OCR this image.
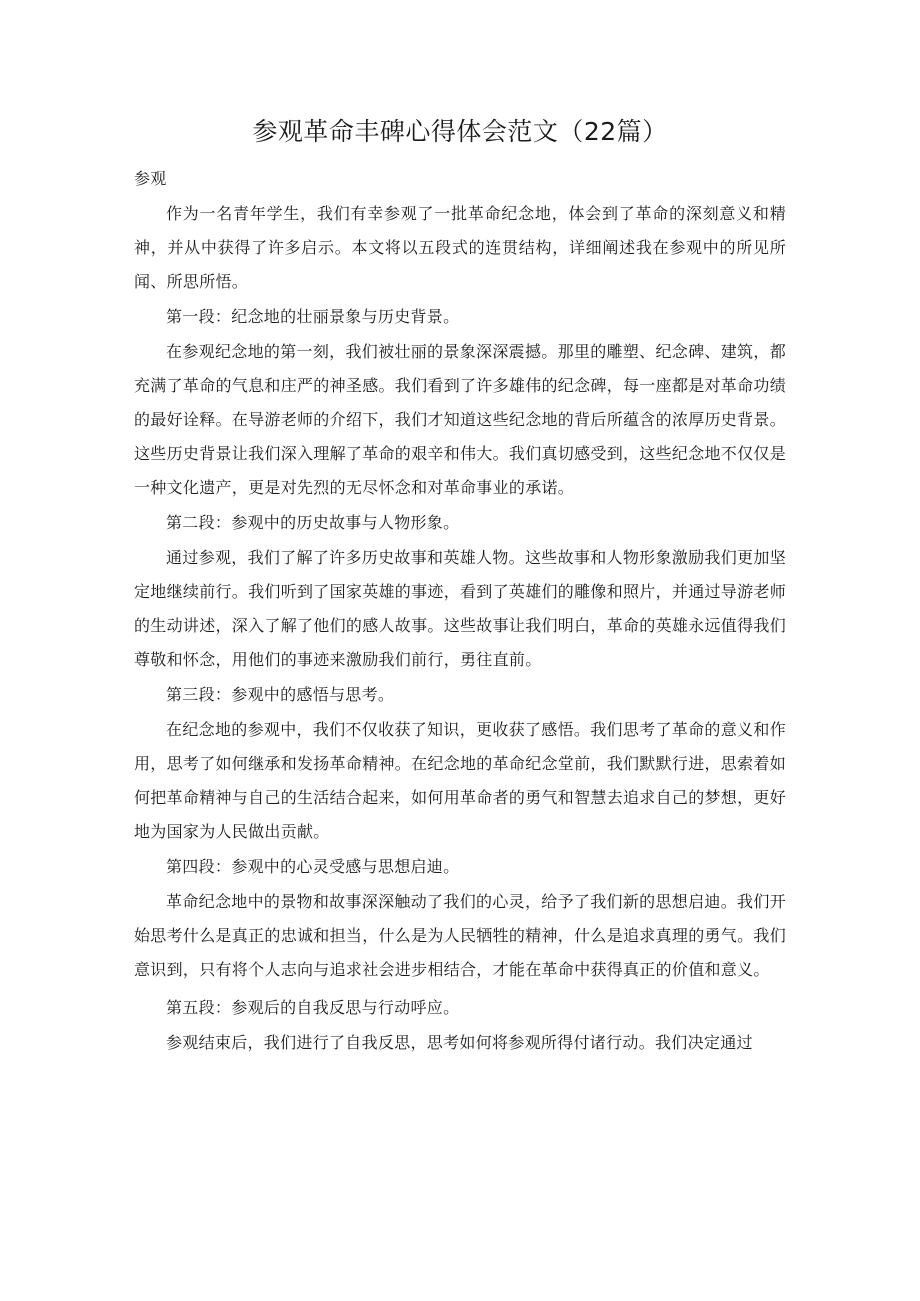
参观革命丰碑心得体会范文（22篇）

参观

作为一名青年学生，我们有幸参观了一批革命纪念地，体会到了革命的深刻意义和精神，并从中获得了许多启示。本文将以五段式的连贯结构，详细阐述我在参观中的所见所闻、所思所悟。

第一段：纪念地的壮丽景象与历史背景。

在参观纪念地的第一刻，我们被壮丽的景象深深震撼。那里的雕塑、纪念碑、建筑，都充满了革命的气息和庄严的神圣感。我们看到了许多雄伟的纪念碑，每一座都是对革命功绩的最好诠释。在导游老师的介绍下，我们才知道这些纪念地的背后所蕴含的浓厚历史背景。这些历史背景让我们深入理解了革命的艰辛和伟大。我们真切感受到，这些纪念地不仅仅是一种文化遗产，更是对先烈的无尽怀念和对革命事业的承诺。

第二段：参观中的历史故事与人物形象。

通过参观，我们了解了许多历史故事和英雄人物。这些故事和人物形象激励我们更加坚定地继续前行。我们听到了国家英雄的事迹，看到了英雄们的雕像和照片，并通过导游老师的生动讲述，深入了解了他们的感人故事。这些故事让我们明白，革命的英雄永远值得我们尊敬和怀念，用他们的事迹来激励我们前行，勇往直前。

第三段：参观中的感悟与思考。

在纪念地的参观中，我们不仅收获了知识，更收获了感悟。我们思考了革命的意义和作用，思考了如何继承和发扬革命精神。在纪念地的革命纪念堂前，我们默默行进，思索着如何把革命精神与自己的生活结合起来，如何用革命者的勇气和智慧去追求自己的梦想，更好地为国家为人民做出贡献。

第四段：参观中的心灵受感与思想启迪。

革命纪念地中的景物和故事深深触动了我们的心灵，给予了我们新的思想启迪。我们开始思考什么是真正的忠诚和担当，什么是为人民牺牲的精神，什么是追求真理的勇气。我们意识到，只有将个人志向与追求社会进步相结合，才能在革命中获得真正的价值和意义。

第五段：参观后的自我反思与行动呼应。

参观结束后，我们进行了自我反思，思考如何将参观所得付诸行动。我们决定通过
